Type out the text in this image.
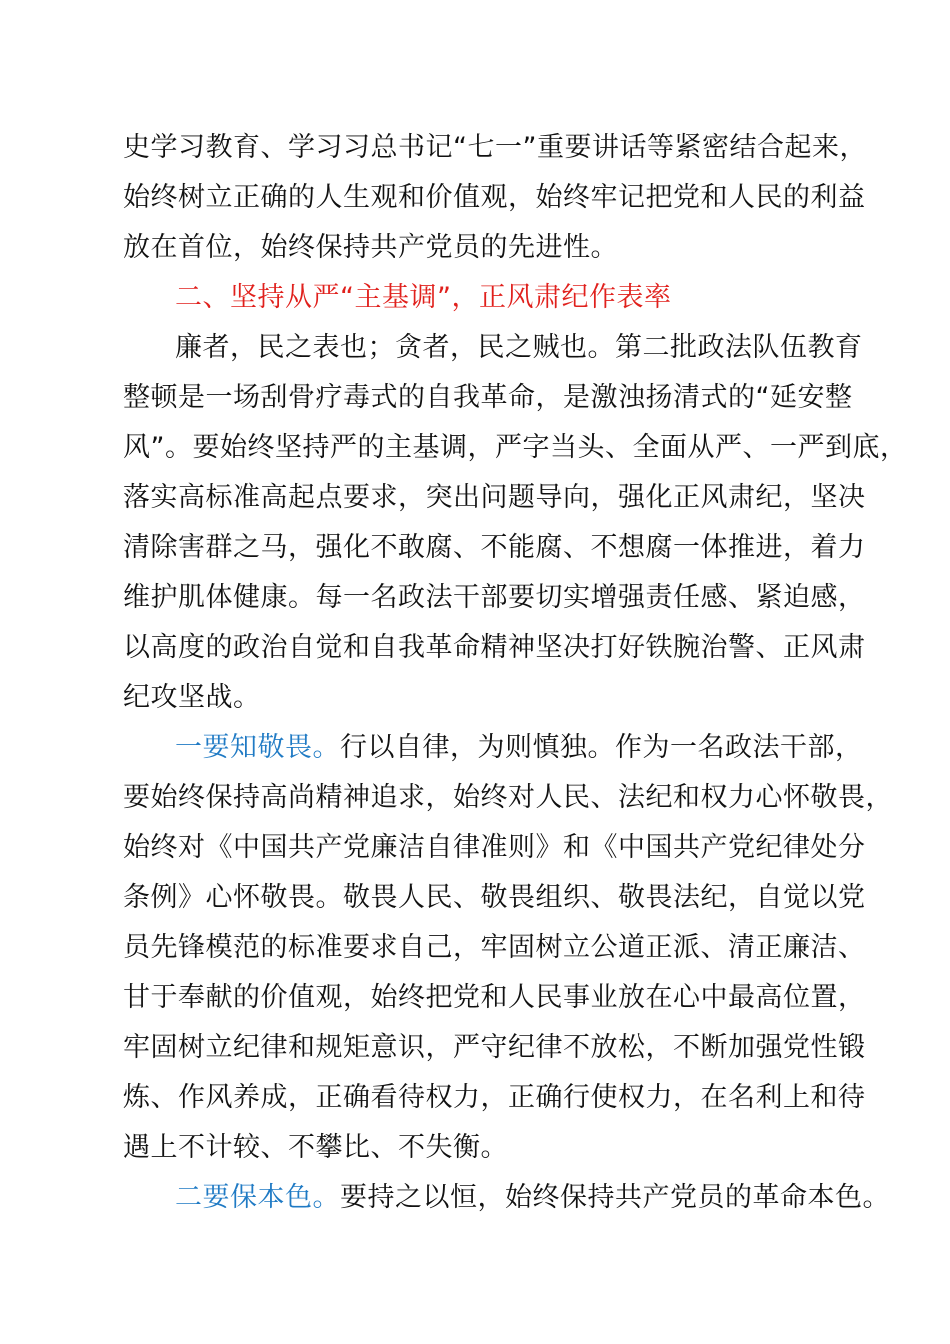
史学习教育、学习习总书记“七一”重要讲话等紧密结合起来，
始终树立正确的人生观和价值观，始终牢记把党和人民的利益
放在首位，始终保持共产党员的先进性。
二、坚持从严“主基调”，正风肃纪作表率
廉者，民之表也；贪者，民之贼也。第二批政法队伍教育
整顿是一场刮骨疗毒式的自我革命，是激浊扬清式的“延安整
风”。要始终坚持严的主基调，严字当头、全面从严、一严到底，
落实高标准高起点要求，突出问题导向，强化正风肃纪，坚决
清除害群之马，强化不敢腐、不能腐、不想腐一体推进，着力
维护肌体健康。每一名政法干部要切实增强责任感、紧迫感，
以高度的政治自觉和自我革命精神坚决打好铁腕治警、正风肃
纪攻坚战。
一要知敬畏。行以自律，为则慎独。作为一名政法干部，
要始终保持高尚精神追求，始终对人民、法纪和权力心怀敬畏，
始终对《中国共产党廉洁自律准则》和《中国共产党纪律处分
条例》心怀敬畏。敬畏人民、敬畏组织、敬畏法纪，自觉以党
员先锋模范的标准要求自己，牢固树立公道正派、清正廉洁、
甘于奉献的价值观，始终把党和人民事业放在心中最高位置，
牢固树立纪律和规矩意识，严守纪律不放松，不断加强党性锻
炼、作风养成，正确看待权力，正确行使权力，在名利上和待
遇上不计较、不攀比、不失衡。
二要保本色。要持之以恒，始终保持共产党员的革命本色。
